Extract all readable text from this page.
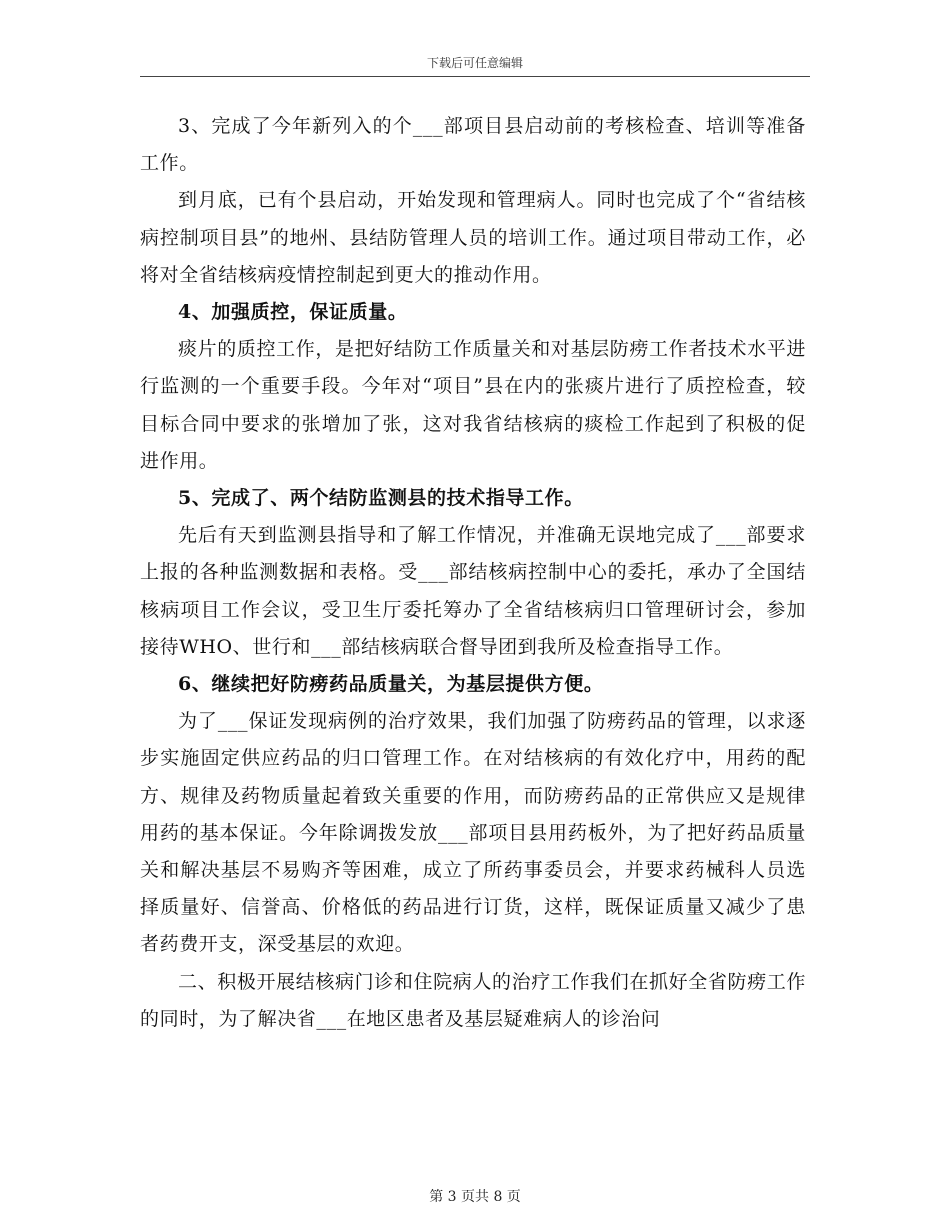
下载后可任意编辑

3、完成了今年新列入的个___部项目县启动前的考核检查、培训等准备工作。

到月底，已有个县启动，开始发现和管理病人。同时也完成了个“省结核病控制项目县”的地州、县结防管理人员的培训工作。通过项目带动工作，必将对全省结核病疫情控制起到更大的推动作用。

4、加强质控，保证质量。

痰片的质控工作，是把好结防工作质量关和对基层防痨工作者技术水平进行监测的一个重要手段。今年对“项目”县在内的张痰片进行了质控检查，较目标合同中要求的张增加了张，这对我省结核病的痰检工作起到了积极的促进作用。

5、完成了、两个结防监测县的技术指导工作。

先后有天到监测县指导和了解工作情况，并准确无误地完成了___部要求上报的各种监测数据和表格。受___部结核病控制中心的委托，承办了全国结核病项目工作会议，受卫生厅委托筹办了全省结核病归口管理研讨会，参加接待WHO、世行和___部结核病联合督导团到我所及检查指导工作。

6、继续把好防痨药品质量关，为基层提供方便。

为了___保证发现病例的治疗效果，我们加强了防痨药品的管理，以求逐步实施固定供应药品的归口管理工作。在对结核病的有效化疗中，用药的配方、规律及药物质量起着致关重要的作用，而防痨药品的正常供应又是规律用药的基本保证。今年除调拨发放___部项目县用药板外，为了把好药品质量关和解决基层不易购齐等困难，成立了所药事委员会，并要求药械科人员选择质量好、信誉高、价格低的药品进行订货，这样，既保证质量又减少了患者药费开支，深受基层的欢迎。

二、积极开展结核病门诊和住院病人的治疗工作我们在抓好全省防痨工作的同时，为了解决省___在地区患者及基层疑难病人的诊治问

第 3 页共 8 页
